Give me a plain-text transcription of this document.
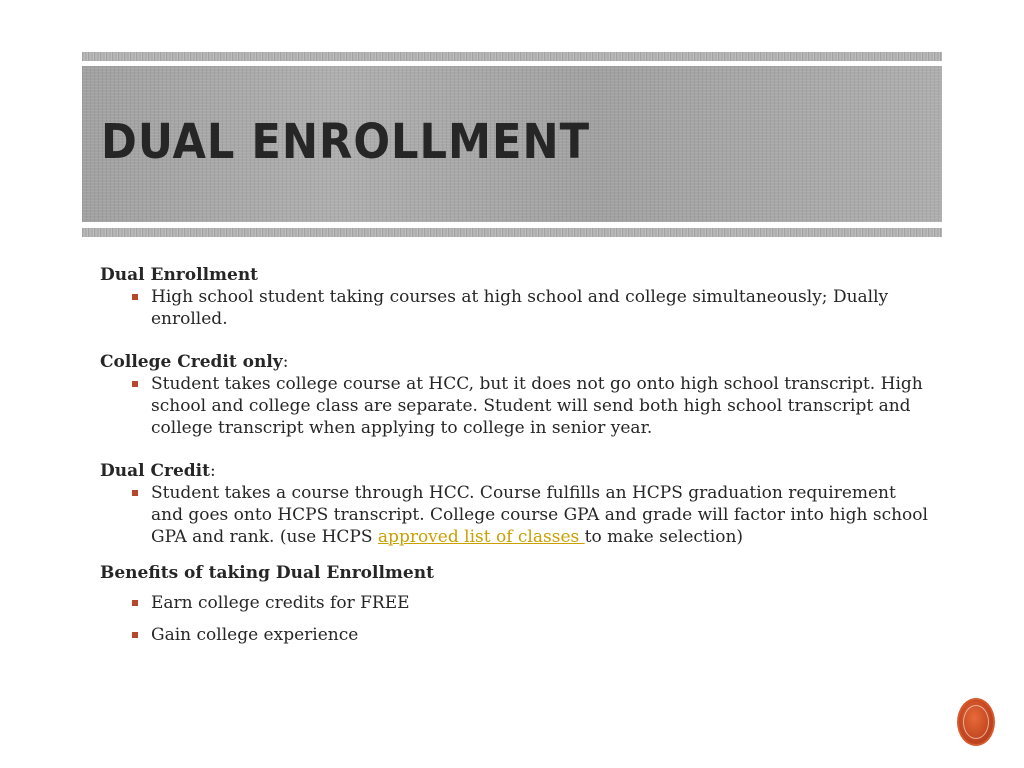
DUAL ENROLLMENT

Dual Enrollment

High school student taking courses at high school and college simultaneously; Dually enrolled.

College Credit only:

Student takes college course at HCC, but it does not go onto high school transcript. High school and college class are separate. Student will send both high school transcript and college transcript when applying to college in senior year.

Dual Credit:

Student takes a course through HCC. Course fulfills an HCPS graduation requirement and goes onto HCPS transcript. College course GPA and grade will factor into high school GPA and rank. (use HCPS approved list of classes to make selection)

Benefits of taking Dual Enrollment

Earn college credits for FREE
Gain college experience
